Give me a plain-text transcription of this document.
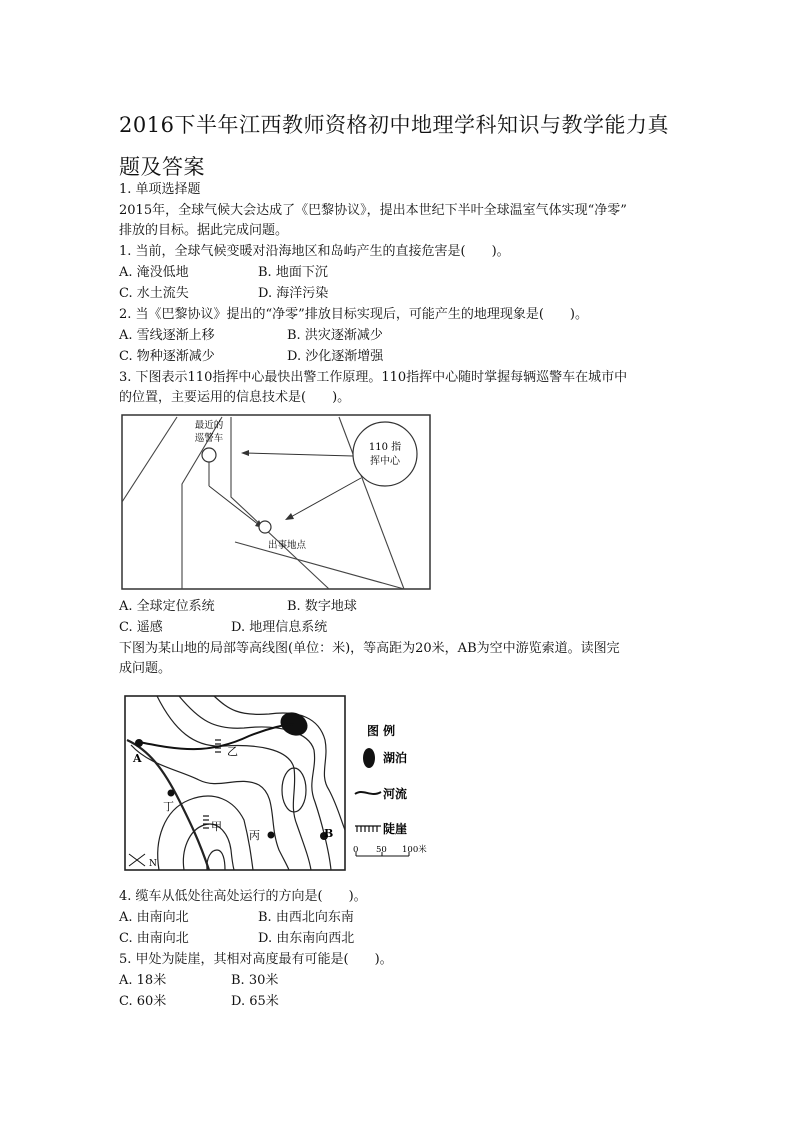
2016下半年江西教师资格初中地理学科知识与教学能力真
题及答案
1. 单项选择题
2015年，全球气候大会达成了《巴黎协议》，提出本世纪下半叶全球温室气体实现“净零”
排放的目标。据此完成问题。
1. 当前，全球气候变暖对沿海地区和岛屿产生的直接危害是(　　)。
A. 淹没低地	B. 地面下沉
C. 水土流失	D. 海洋污染
2. 当《巴黎协议》提出的“净零”排放目标实现后，可能产生的地理现象是(　　)。
A. 雪线逐渐上移	B. 洪灾逐渐减少
C. 物种逐渐减少	D. 沙化逐渐增强
3. 下图表示110指挥中心最快出警工作原理。110指挥中心随时掌握每辆巡警车在城市中
的位置，主要运用的信息技术是(　　)。
最近的
巡警车
110 指
挥中心
出事地点
A. 全球定位系统	B. 数字地球
C. 遥感	D. 地理信息系统
下图为某山地的局部等高线图(单位：米)，等高距为20米，AB为空中游览索道。读图完
成问题。
A
B
丁
丙
乙
甲
N
图 例
湖泊
河流
陡崖
0 50 100米
4. 缆车从低处往高处运行的方向是(　　)。
A. 由南向北	B. 由西北向东南
C. 由南向北	D. 由东南向西北
5. 甲处为陡崖，其相对高度最有可能是(　　)。
A. 18米	B. 30米
C. 60米	D. 65米
